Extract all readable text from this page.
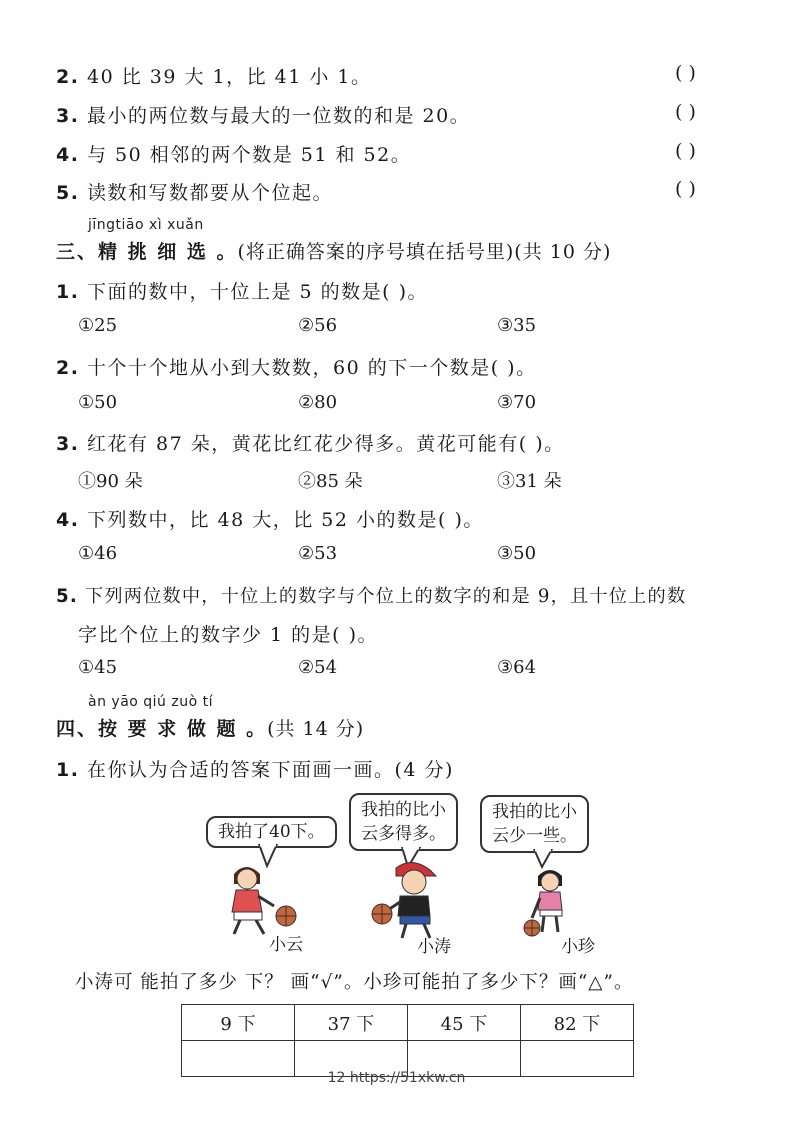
2. 40 比 39 大 1，比 41 小 1。	( )
3. 最小的两位数与最大的一位数的和是 20。	( )
4. 与 50 相邻的两个数是 51 和 52。	( )
5. 读数和写数都要从个位起。	( )
jīngtiāo xì xuǎn
三、精 挑 细 选 。(将正确答案的序号填在括号里)(共 10 分)
1. 下面的数中，十位上是 5 的数是( )。
①25	②56	③35
2. 十个十个地从小到大数数，60 的下一个数是( )。
①50	②80	③70
3. 红花有 87 朵，黄花比红花少得多。黄花可能有( )。
①90 朵	②85 朵	③31 朵
4. 下列数中，比 48 大，比 52 小的数是( )。
①46	②53	③50
5. 下列两位数中，十位上的数字与个位上的数字的和是 9，且十位上的数
字比个位上的数字少 1 的是( )。
①45	②54	③64
àn yāo qiú zuò tí
四、按 要 求 做 题 。(共 14 分)
1. 在你认为合适的答案下面画一画。(4 分)
我拍了40下。
我拍的比小
云多得多。
我拍的比小
云少一些。
小云	小涛	小珍
小涛可 能拍了多少 下？ 画“√”。小珍可能拍了多少下？画“△”。
9 下	37 下	45 下	82 下

12 https://51xkw.cn
